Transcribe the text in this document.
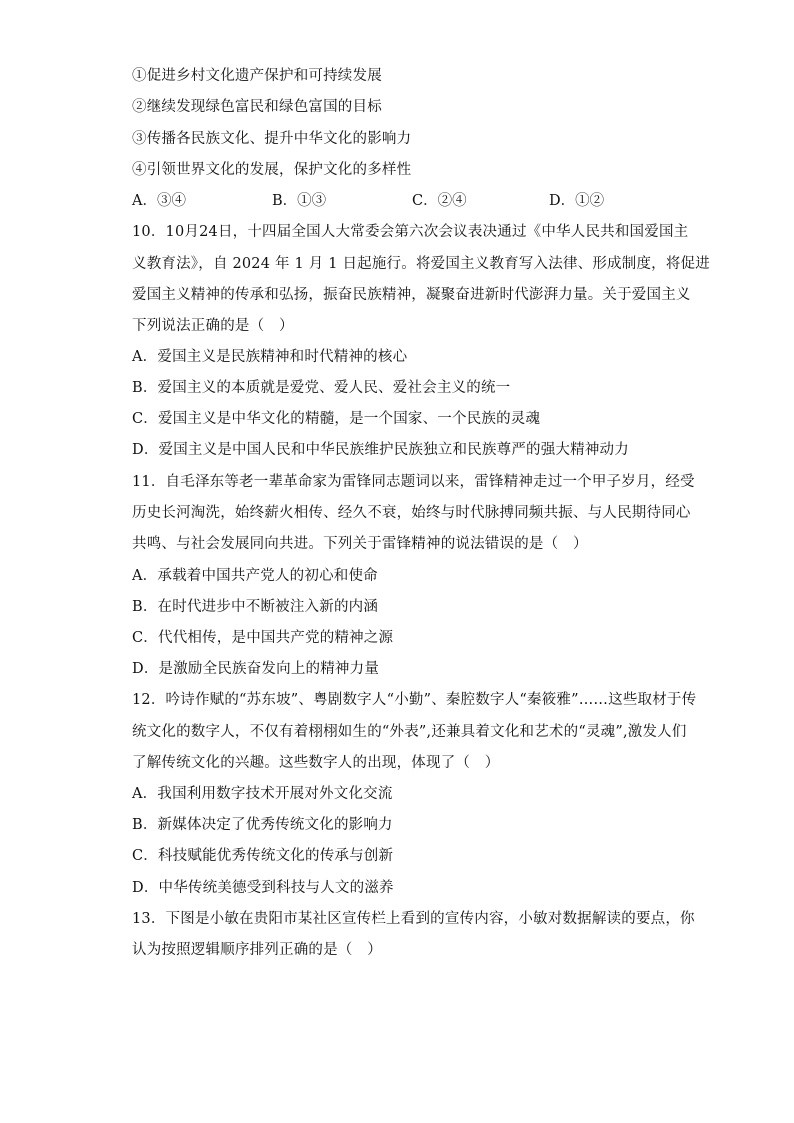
①促进乡村文化遗产保护和可持续发展
②继续发现绿色富民和绿色富国的目标
③传播各民族文化、提升中华文化的影响力
④引领世界文化的发展，保护文化的多样性
A．③④	B．①③	C．②④	D．①②
10．10月24日，十四届全国人大常委会第六次会议表决通过《中华人民共和国爱国主
义教育法》，自 2024 年 1 月 1 日起施行。将爱国主义教育写入法律、形成制度，将促进
爱国主义精神的传承和弘扬，振奋民族精神，凝聚奋进新时代澎湃力量。关于爱国主义
下列说法正确的是（　）
A．爱国主义是民族精神和时代精神的核心
B．爱国主义的本质就是爱党、爱人民、爱社会主义的统一
C．爱国主义是中华文化的精髓，是一个国家、一个民族的灵魂
D．爱国主义是中国人民和中华民族维护民族独立和民族尊严的强大精神动力
11．自毛泽东等老一辈革命家为雷锋同志题词以来，雷锋精神走过一个甲子岁月，经受
历史长河淘洗，始终薪火相传、经久不衰，始终与时代脉搏同频共振、与人民期待同心
共鸣、与社会发展同向共进。下列关于雷锋精神的说法错误的是（　）
A．承载着中国共产党人的初心和使命
B．在时代进步中不断被注入新的内涵
C．代代相传，是中国共产党的精神之源
D．是激励全民族奋发向上的精神力量
12．吟诗作赋的“苏东坡”、粤剧数字人“小勤”、秦腔数字人“秦筱雅”……这些取材于传
统文化的数字人，不仅有着栩栩如生的“外表”,还兼具着文化和艺术的“灵魂”,激发人们
了解传统文化的兴趣。这些数字人的出现，体现了（　）
A．我国利用数字技术开展对外文化交流
B．新媒体决定了优秀传统文化的影响力
C．科技赋能优秀传统文化的传承与创新
D．中华传统美德受到科技与人文的滋养
13．下图是小敏在贵阳市某社区宣传栏上看到的宣传内容，小敏对数据解读的要点，你
认为按照逻辑顺序排列正确的是（　）
